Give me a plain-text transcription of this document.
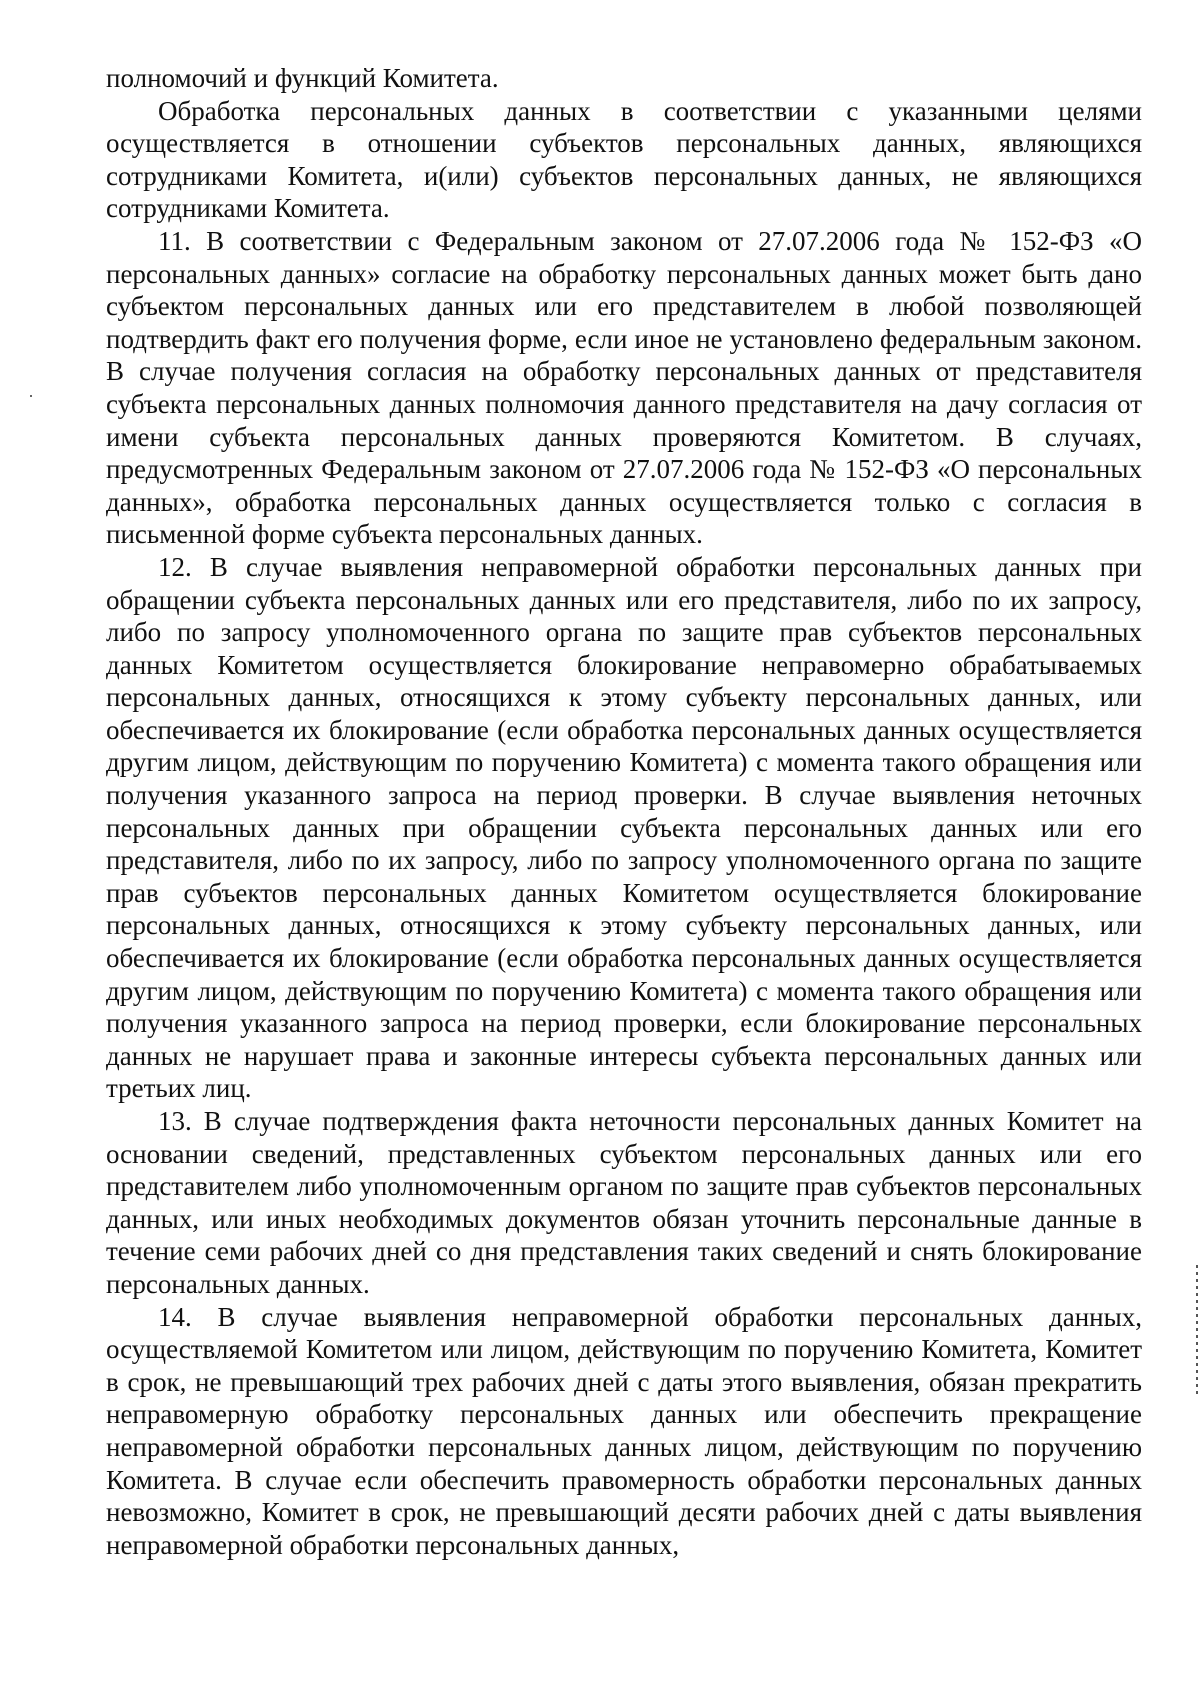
полномочий и функций Комитета.

Обработка персональных данных в соответствии с указанными целями осуществляется в отношении субъектов персональных данных, являющихся сотрудниками Комитета, и(или) субъектов персональных данных, не являющихся сотрудниками Комитета.

11. В соответствии с Федеральным законом от 27.07.2006 года № 152-ФЗ «О персональных данных» согласие на обработку персональных данных может быть дано субъектом персональных данных или его представителем в любой позволяющей подтвердить факт его получения форме, если иное не установлено федеральным законом. В случае получения согласия на обработку персональных данных от представителя субъекта персональных данных полномочия данного представителя на дачу согласия от имени субъекта персональных данных проверяются Комитетом. В случаях, предусмотренных Федеральным законом от 27.07.2006 года № 152-ФЗ «О персональных данных», обработка персональных данных осуществляется только с согласия в письменной форме субъекта персональных данных.

12. В случае выявления неправомерной обработки персональных данных при обращении субъекта персональных данных или его представителя, либо по их запросу, либо по запросу уполномоченного органа по защите прав субъектов персональных данных Комитетом осуществляется блокирование неправомерно обрабатываемых персональных данных, относящихся к этому субъекту персональных данных, или обеспечивается их блокирование (если обработка персональных данных осуществляется другим лицом, действующим по поручению Комитета) с момента такого обращения или получения указанного запроса на период проверки. В случае выявления неточных персональных данных при обращении субъекта персональных данных или его представителя, либо по их запросу, либо по запросу уполномоченного органа по защите прав субъектов персональных данных Комитетом осуществляется блокирование персональных данных, относящихся к этому субъекту персональных данных, или обеспечивается их блокирование (если обработка персональных данных осуществляется другим лицом, действующим по поручению Комитета) с момента такого обращения или получения указанного запроса на период проверки, если блокирование персональных данных не нарушает права и законные интересы субъекта персональных данных или третьих лиц.

13. В случае подтверждения факта неточности персональных данных Комитет на основании сведений, представленных субъектом персональных данных или его представителем либо уполномоченным органом по защите прав субъектов персональных данных, или иных необходимых документов обязан уточнить персональные данные в течение семи рабочих дней со дня представления таких сведений и снять блокирование персональных данных.

14. В случае выявления неправомерной обработки персональных данных, осуществляемой Комитетом или лицом, действующим по поручению Комитета, Комитет в срок, не превышающий трех рабочих дней с даты этого выявления, обязан прекратить неправомерную обработку персональных данных или обеспечить прекращение неправомерной обработки персональных данных лицом, действующим по поручению Комитета. В случае если обеспечить правомерность обработки персональных данных невозможно, Комитет в срок, не превышающий десяти рабочих дней с даты выявления неправомерной обработки персональных данных,
